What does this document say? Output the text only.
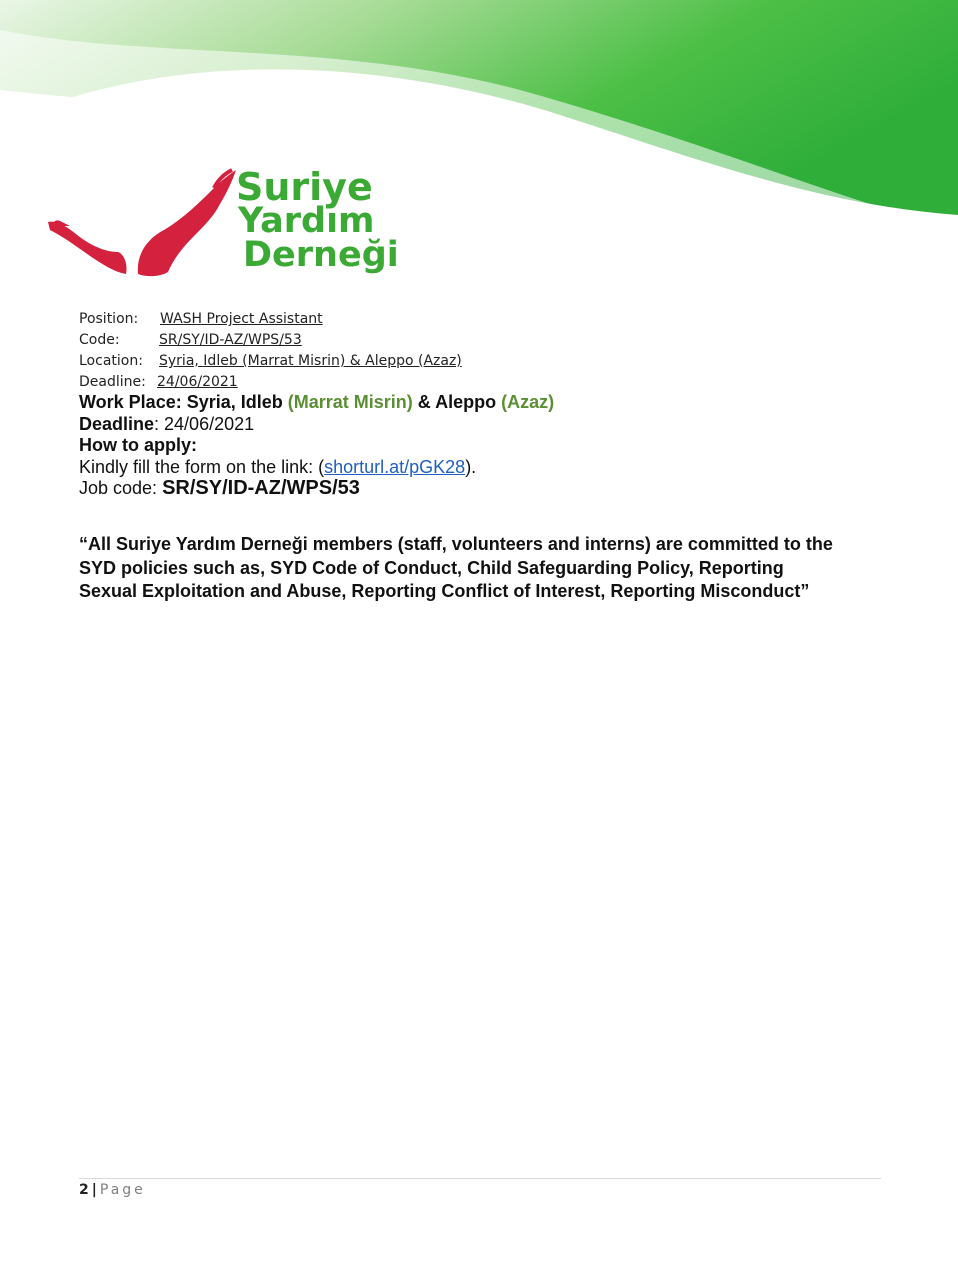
Suriye
Yardım
Derneği
Position: WASH Project Assistant
Code:	SR/SY/ID-AZ/WPS/53
Location: Syria, Idleb (Marrat Misrin) & Aleppo (Azaz)
Deadline: 24/06/2021
Work Place: Syria, Idleb (Marrat Misrin) & Aleppo (Azaz)
Deadline: 24/06/2021
How to apply:
Kindly fill the form on the link: (shorturl.at/pGK28).
Job code: SR/SY/ID-AZ/WPS/53
“All Suriye Yardım Derneği members (staff, volunteers and interns) are committed to the
SYD policies such as, SYD Code of Conduct, Child Safeguarding Policy, Reporting
Sexual Exploitation and Abuse, Reporting Conflict of Interest, Reporting Misconduct”
2 | Page
